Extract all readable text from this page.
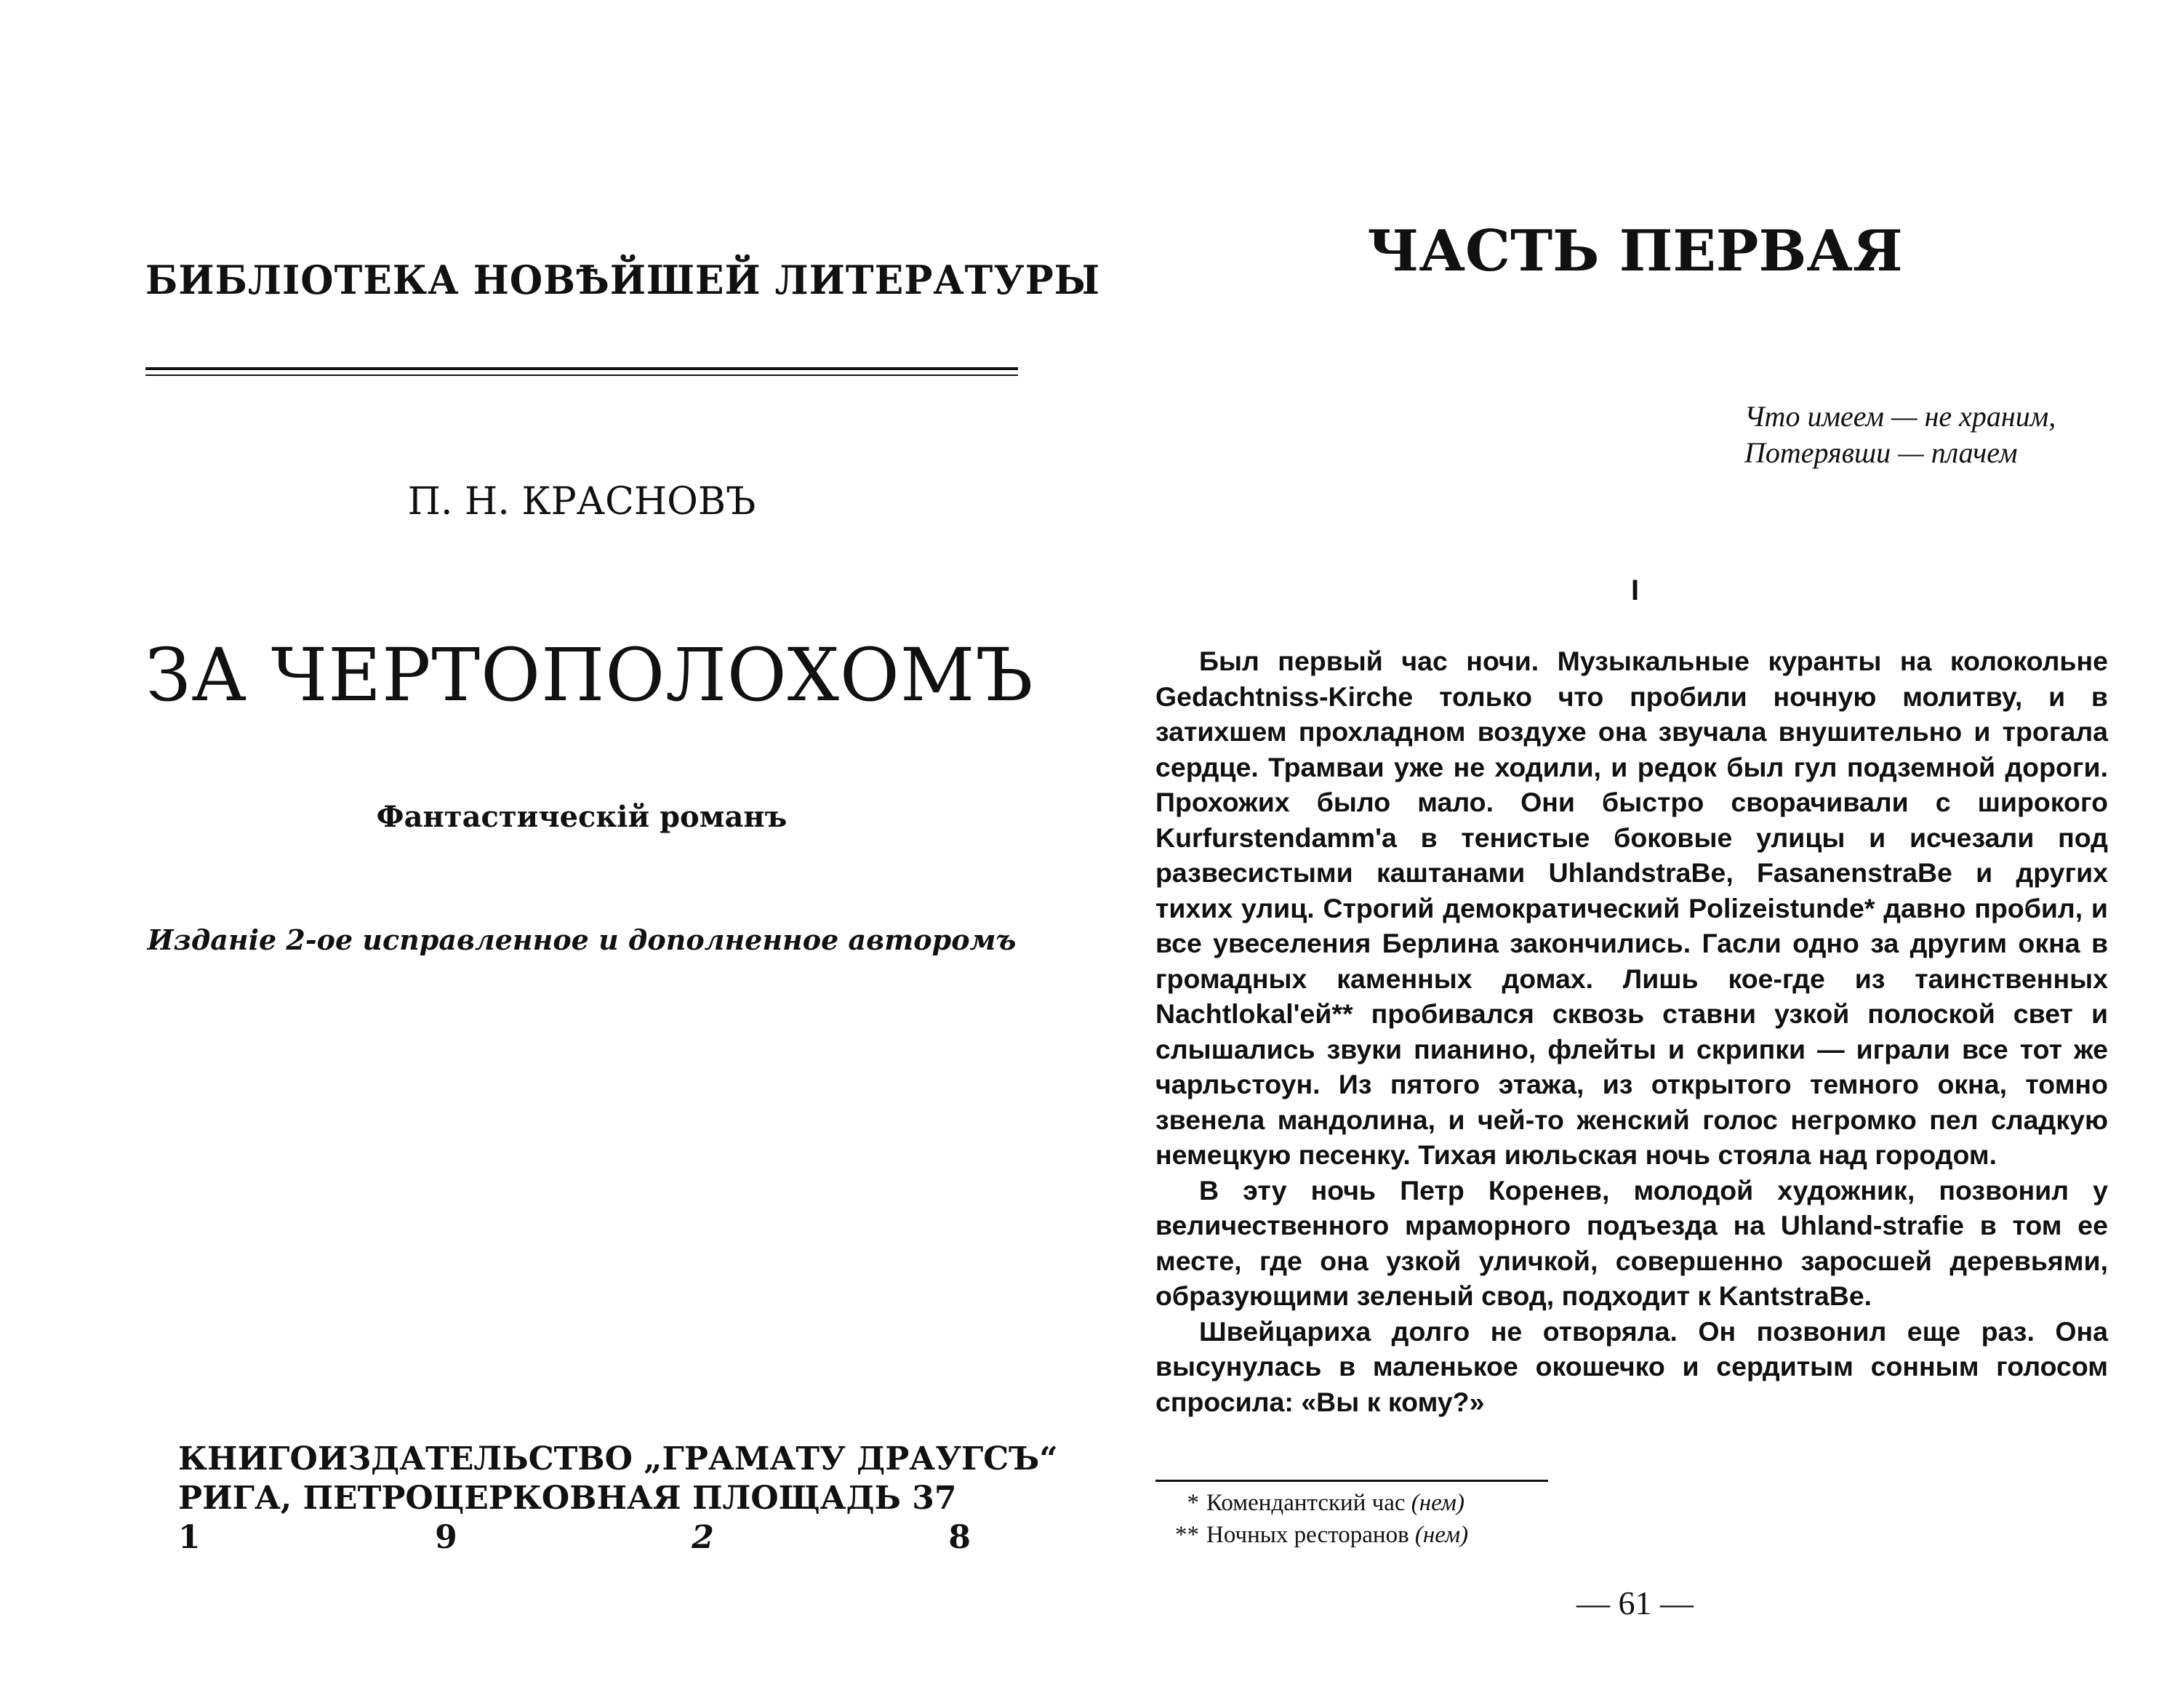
БИБЛIОТЕКА НОВѢЙШЕЙ ЛИТЕРАТУРЫ
П. Н. КРАСНОВЪ
ЗА ЧЕРТОПОЛОХОМЪ
Фантастическiй романъ
Изданiе 2-ое исправленное и дополненное авторомъ
КНИГОИЗДАТЕЛЬСТВО „ГРАМАТУ ДРАУГСЪ“
РИГА, ПЕТРОЦЕРКОВНАЯ ПЛОЩАДЬ 37
1	9	2	8
ЧАСТЬ ПЕРВАЯ
Что имеем — не храним,
Потерявши — плачем
I

Был первый час ночи. Музыкальные куранты на колокольне Gedachtniss-Kirche только что пробили ночную молитву, и в затихшем прохладном воздухе она звучала внушительно и трогала сердце. Трамваи уже не ходили, и редок был гул подземной дороги. Прохожих было мало. Они быстро сворачивали с широкого Kurfurstendamm'a в тенистые боковые улицы и исчезали под развесистыми каштанами UhlandstraBe, FasanenstraBe и других тихих улиц. Строгий демократический Polizeistunde* давно пробил, и все увеселения Берлина закончились. Гасли одно за другим окна в громадных каменных домах. Лишь кое-где из таинственных Nachtlokal'ей** пробивался сквозь ставни узкой полоской свет и слышались звуки пианино, флейты и скрипки — играли все тот же чарльстоун. Из пятого этажа, из открытого темного окна, томно звенела мандолина, и чей-то женский голос негромко пел сладкую немецкую песенку. Тихая июльская ночь стояла над городом.

В эту ночь Петр Коренев, молодой художник, позвонил у величественного мраморного подъезда на Uhland-strafie в том ее месте, где она узкой уличкой, совершенно заросшей деревьями, образующими зеленый свод, подходит к KantstraBe.

Швейцариха долго не отворяла. Он позвонил еще раз. Она высунулась в маленькое окошечко и сердитым сонным голосом спросила: «Вы к кому?»

* Комендантский час (нем)
** Ночных ресторанов (нем)
— 61 —
